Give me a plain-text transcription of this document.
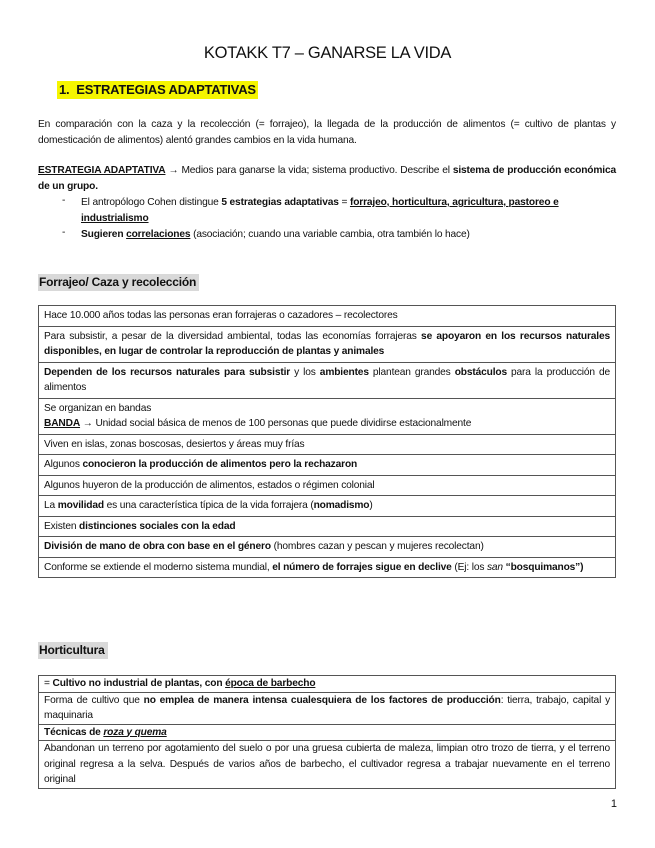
KOTAKK T7 – GANARSE LA VIDA
1. ESTRATEGIAS ADAPTATIVAS
En comparación con la caza y la recolección (= forrajeo), la llegada de la producción de alimentos (= cultivo de plantas y domesticación de alimentos) alentó grandes cambios en la vida humana.
ESTRATEGIA ADAPTATIVA → Medios para ganarse la vida; sistema productivo. Describe el sistema de producción económica de un grupo.
- El antropólogo Cohen distingue 5 estrategias adaptativas = forrajeo, horticultura, agricultura, pastoreo e industrialismo
- Sugieren correlaciones (asociación; cuando una variable cambia, otra también lo hace)
Forrajeo/ Caza y recolección
Hace 10.000 años todas las personas eran forrajeras o cazadores – recolectores
Para subsistir, a pesar de la diversidad ambiental, todas las economías forrajeras se apoyaron en los recursos naturales disponibles, en lugar de controlar la reproducción de plantas y animales
Dependen de los recursos naturales para subsistir y los ambientes plantean grandes obstáculos para la producción de alimentos

Se organizan en bandas
BANDA → Unidad social básica de menos de 100 personas que puede dividirse estacionalmente

Viven en islas, zonas boscosas, desiertos y áreas muy frías
Algunos conocieron la producción de alimentos pero la rechazaron
Algunos huyeron de la producción de alimentos, estados o régimen colonial
La movilidad es una característica típica de la vida forrajera (nomadismo)
Existen distinciones sociales con la edad
División de mano de obra con base en el género (hombres cazan y pescan y mujeres recolectan)
Conforme se extiende el moderno sistema mundial, el número de forrajes sigue en declive (Ej: los san “bosquimanos”)
Horticultura
= Cultivo no industrial de plantas, con época de barbecho
Forma de cultivo que no emplea de manera intensa cualesquiera de los factores de producción: tierra, trabajo, capital y maquinaria
Técnicas de roza y quema
Abandonan un terreno por agotamiento del suelo o por una gruesa cubierta de maleza, limpian otro trozo de tierra, y el terreno original regresa a la selva. Después de varios años de barbecho, el cultivador regresa a trabajar nuevamente en el terreno original
1
